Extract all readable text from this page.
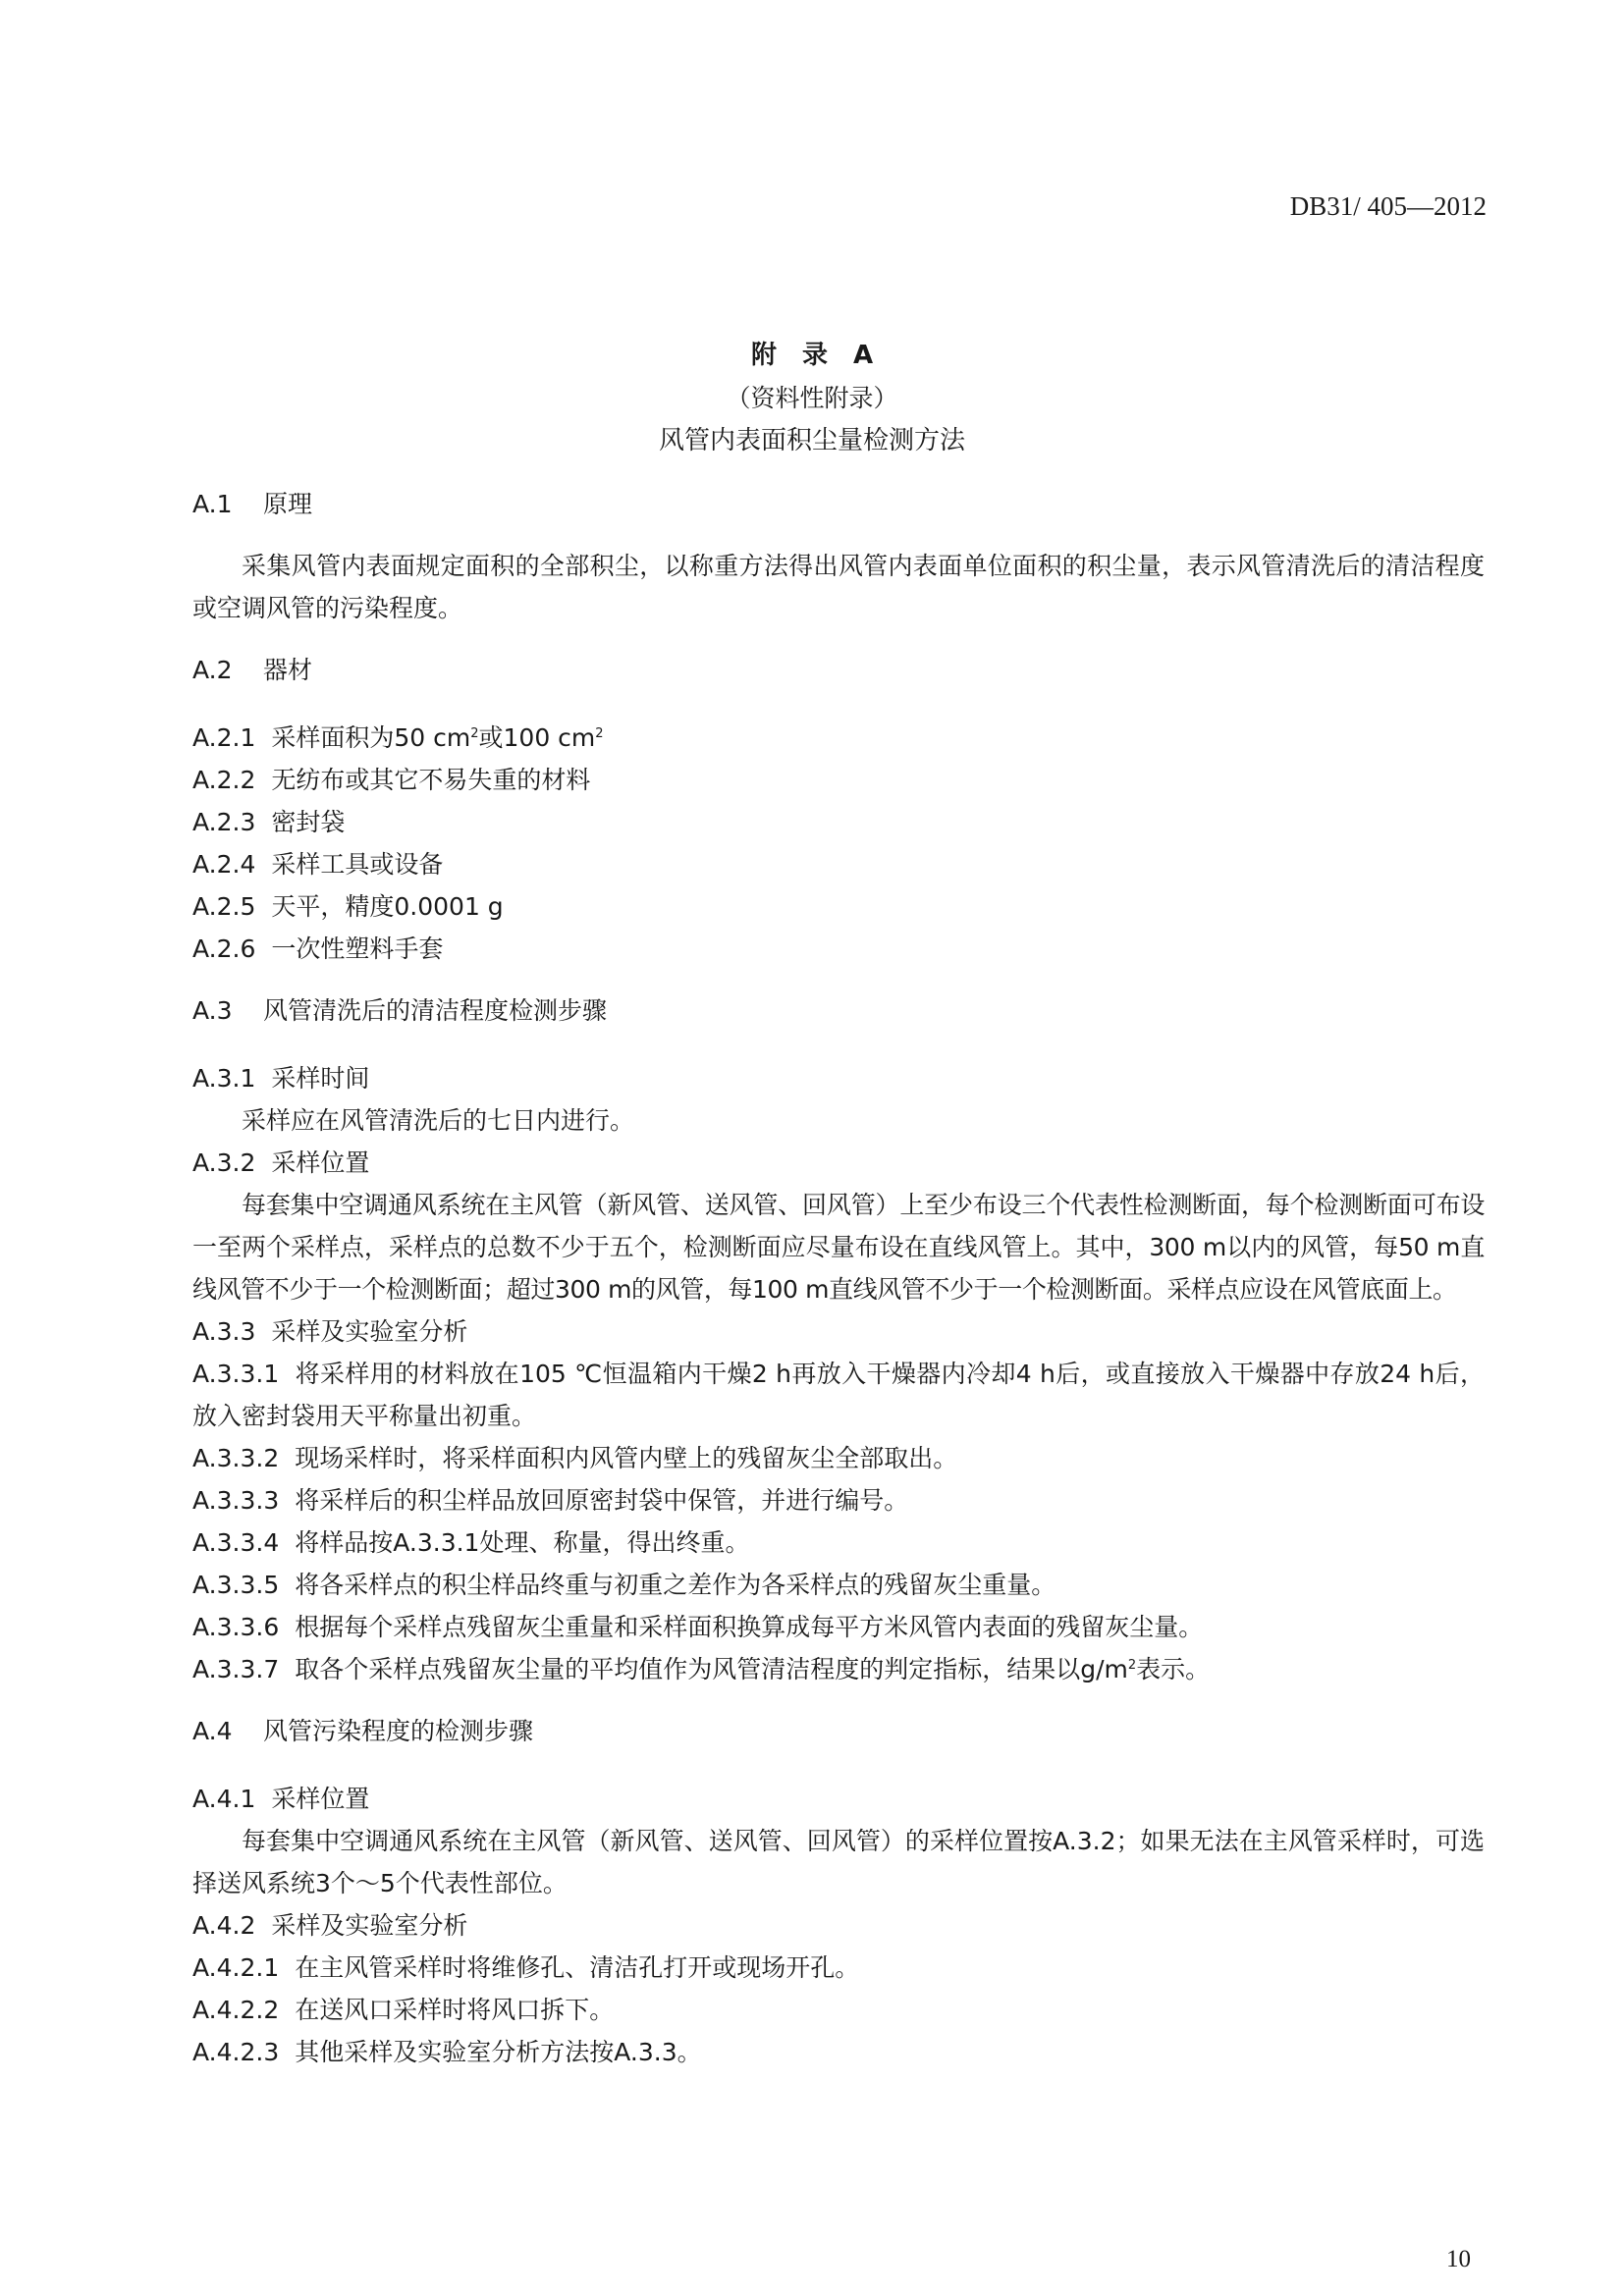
DB31/ 405—2012
附　录　A
（资料性附录）
风管内表面积尘量检测方法

A.1 原理

采集风管内表面规定面积的全部积尘，以称重方法得出风管内表面单位面积的积尘量，表示风管清洗后的清洁程度或空调风管的污染程度。

A.2 器材

A.2.1 采样面积为50 $cm^2$或100 $cm^2$

A.2.2 无纺布或其它不易失重的材料

A.2.3 密封袋

A.2.4 采样工具或设备

A.2.5 天平，精度0.0001 g

A.2.6 一次性塑料手套

A.3 风管清洗后的清洁程度检测步骤

A.3.1 采样时间

采样应在风管清洗后的七日内进行。

A.3.2 采样位置

每套集中空调通风系统在主风管（新风管、送风管、回风管）上至少布设三个代表性检测断面，每个检测断面可布设一至两个采样点，采样点的总数不少于五个，检测断面应尽量布设在直线风管上。其中，300 m以内的风管，每50 m直线风管不少于一个检测断面；超过300 m的风管，每100 m直线风管不少于一个检测断面。采样点应设在风管底面上。

A.3.3 采样及实验室分析

A.3.3.1 将采样用的材料放在105 ℃恒温箱内干燥2 h再放入干燥器内冷却4 h后，或直接放入干燥器中存放24 h后，放入密封袋用天平称量出初重。

A.3.3.2 现场采样时，将采样面积内风管内壁上的残留灰尘全部取出。

A.3.3.3 将采样后的积尘样品放回原密封袋中保管，并进行编号。

A.3.3.4 将样品按A.3.3.1处理、称量，得出终重。

A.3.3.5 将各采样点的积尘样品终重与初重之差作为各采样点的残留灰尘重量。

A.3.3.6 根据每个采样点残留灰尘重量和采样面积换算成每平方米风管内表面的残留灰尘量。

A.3.3.7 取各个采样点残留灰尘量的平均值作为风管清洁程度的判定指标，结果以$g/m^2$表示。

A.4 风管污染程度的检测步骤

A.4.1 采样位置

每套集中空调通风系统在主风管（新风管、送风管、回风管）的采样位置按A.3.2；如果无法在主风管采样时，可选择送风系统3个～5个代表性部位。

A.4.2 采样及实验室分析

A.4.2.1 在主风管采样时将维修孔、清洁孔打开或现场开孔。

A.4.2.2 在送风口采样时将风口拆下。

A.4.2.3 其他采样及实验室分析方法按A.3.3。

10
